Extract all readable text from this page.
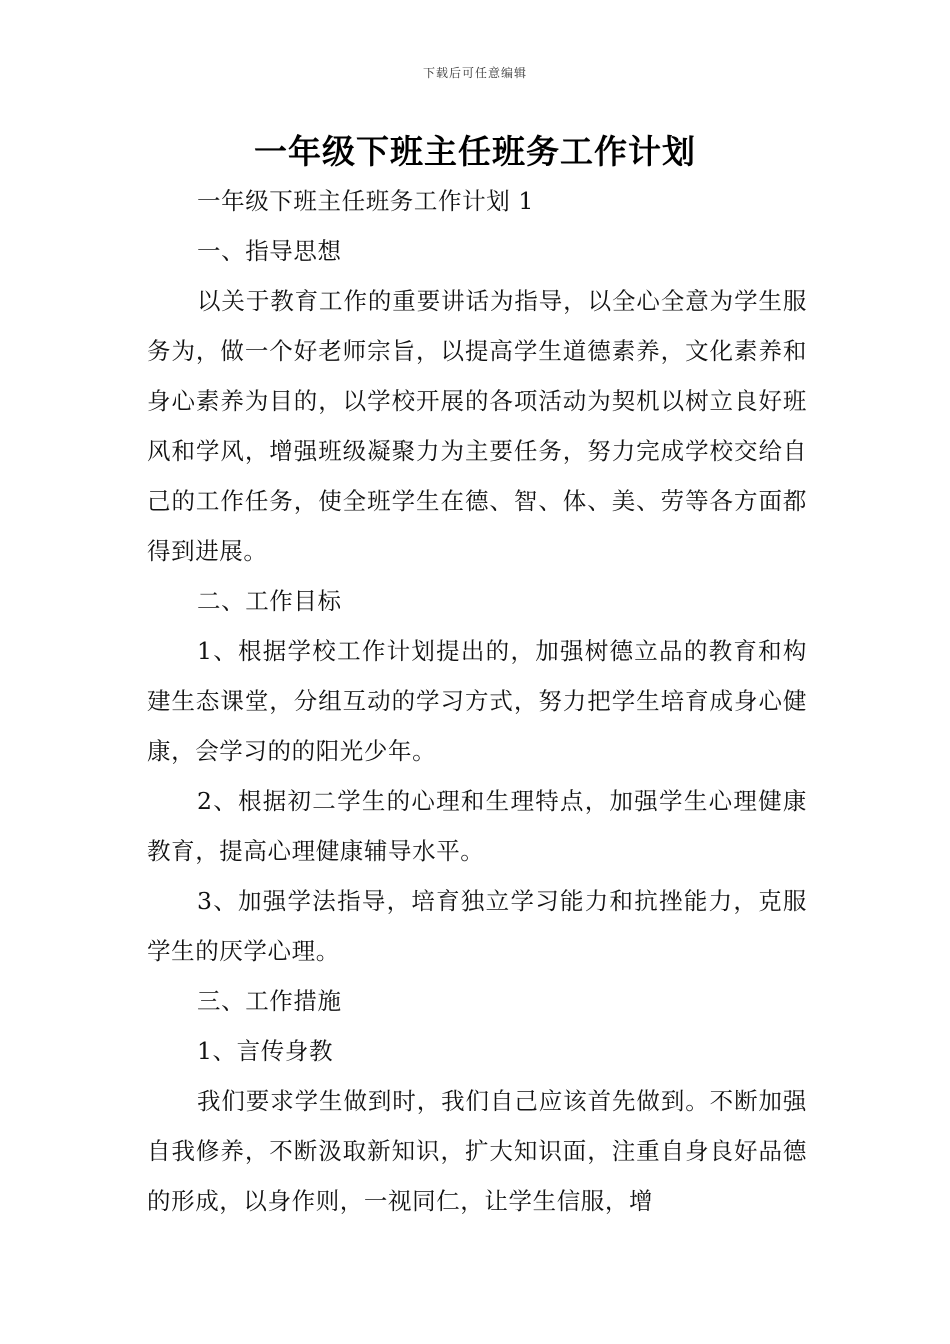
下载后可任意编辑
一年级下班主任班务工作计划

一年级下班主任班务工作计划 1

一、指导思想

以关于教育工作的重要讲话为指导，以全心全意为学生服务为，做一个好老师宗旨，以提高学生道德素养，文化素养和身心素养为目的，以学校开展的各项活动为契机以树立良好班风和学风，增强班级凝聚力为主要任务，努力完成学校交给自己的工作任务，使全班学生在德、智、体、美、劳等各方面都得到进展。

二、工作目标

1、根据学校工作计划提出的，加强树德立品的教育和构建生态课堂，分组互动的学习方式，努力把学生培育成身心健康，会学习的的阳光少年。

2、根据初二学生的心理和生理特点，加强学生心理健康教育，提高心理健康辅导水平。

3、加强学法指导，培育独立学习能力和抗挫能力，克服学生的厌学心理。

三、工作措施

1、言传身教

我们要求学生做到时，我们自己应该首先做到。不断加强自我修养，不断汲取新知识，扩大知识面，注重自身良好品德的形成，以身作则，一视同仁，让学生信服，增
